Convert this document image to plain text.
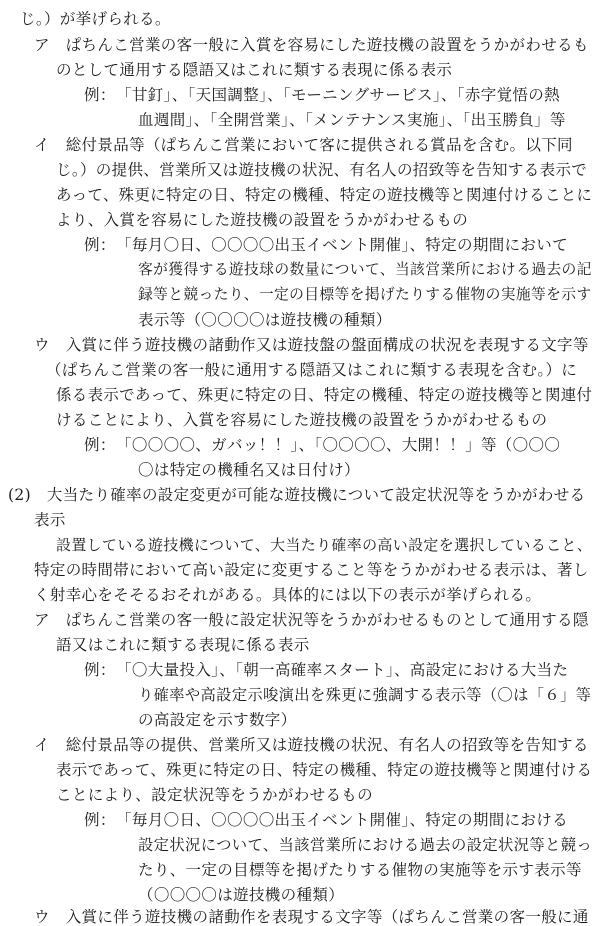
じ。）が挙げられる。
ア　ぱちんこ営業の客一般に入賞を容易にした遊技機の設置をうかがわせるも
のとして通用する隠語又はこれに類する表現に係る表示
例：　「甘釘」、「天国調整」、「モーニングサービス」、「赤字覚悟の熱
血週間」、「全開営業」、「メンテナンス実施」、「出玉勝負」等
イ　総付景品等（ぱちんこ営業において客に提供される賞品を含む。以下同
じ。）の提供、営業所又は遊技機の状況、有名人の招致等を告知する表示で
あって、殊更に特定の日、特定の機種、特定の遊技機等と関連付けることに
より、入賞を容易にした遊技機の設置をうかがわせるもの
例：　「毎月〇日、〇〇〇〇出玉イベント開催」、特定の期間において
客が獲得する遊技球の数量について、当該営業所における過去の記
録等と競ったり、一定の目標等を掲げたりする催物の実施等を示す
表示等（〇〇〇〇は遊技機の種類）
ウ　入賞に伴う遊技機の諸動作又は遊技盤の盤面構成の状況を表現する文字等
（ぱちんこ営業の客一般に通用する隠語又はこれに類する表現を含む。）に
係る表示であって、殊更に特定の日、特定の機種、特定の遊技機等と関連付
けることにより、入賞を容易にした遊技機の設置をうかがわせるもの
例：　「〇〇〇〇、ガバッ！！」、「〇〇〇〇、大開！！」等（〇〇〇
〇は特定の機種名又は日付け）
(2)　大当たり確率の設定変更が可能な遊技機について設定状況等をうかがわせる
表示
設置している遊技機について、大当たり確率の高い設定を選択していること、
特定の時間帯において高い設定に変更すること等をうかがわせる表示は、著し
く射幸心をそそるおそれがある。具体的には以下の表示が挙げられる。
ア　ぱちんこ営業の客一般に設定状況等をうかがわせるものとして通用する隠
語又はこれに類する表現に係る表示
例：　「〇大量投入」、「朝一高確率スタート」、高設定における大当た
り確率や高設定示唆演出を殊更に強調する表示等（〇は「６」等
の高設定を示す数字）
イ　総付景品等の提供、営業所又は遊技機の状況、有名人の招致等を告知する
表示であって、殊更に特定の日、特定の機種、特定の遊技機等と関連付ける
ことにより、設定状況等をうかがわせるもの
例：　「毎月〇日、〇〇〇〇出玉イベント開催」、特定の期間における
設定状況について、当該営業所における過去の設定状況等と競っ
たり、一定の目標等を掲げたりする催物の実施等を示す表示等
（〇〇〇〇は遊技機の種類）
ウ　入賞に伴う遊技機の諸動作を表現する文字等（ぱちんこ営業の客一般に通
